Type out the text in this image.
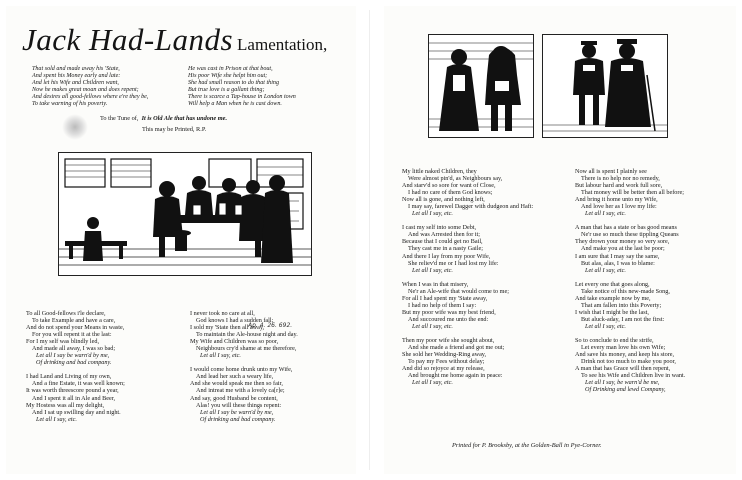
Jack Had-Lands Lamentation,
That sold and made away his 'State,
And spent his Money early and late:
And let his Wife and Children want,
Now he makes great moan and does repent;
And desires all good-fellows where e're they be,
To take warning of his poverty.
He was cast in Prison at that bout,
His poor Wife she helpt him out;
She had small reason to do that thing
But true love is a gallant thing;
There is scarce a Tap-house in London town
Will help a Man when he is cast down.
To the Tune of, It is Old Ale that has undone me.
This may be Printed, R.P.
Ap. 4. 26. 692.
To all Good-fellows i'le declare,
To take Example and have a care,
And do not spend your Means in waste,
For you will repent it at the last:
For I my self was blindly led,
And made all away, I was so bad;
Let all I say be warn'd by me,
Of drinking and bad company.
I had Land and Living of my own,
And a fine Estate, it was well known;
It was worth threescore pound a year,
And I spent it all in Ale and Beer,
My Hostess was all my delight,
And I sat up swilling day and night.
Let all I say, etc.
I never took no care at all,
God knows I had a sudden fall;
I sold my 'State then all away,
To maintain the Ale-house night and day.
My Wife and Children was so poor,
Neighbours cry'd shame at me therefore,
Let all I say, etc.
I would come home drunk unto my Wife,
And lead her such a weary life,
And she would speak me then so fair,
And intreat me with a lovely ca[r]e;
And say, good Husband be content,
Alas! you will these things repent:
Let all I say be warn'd by me,
Of drinking and bad company.
My little naked Children, they
Were almost pin'd, as Neighbours say,
And starv'd so sore for want of Close,
I had no care of them God knows;
Now all is gone, and nothing left,
I may say, farewel Dagger with dudgeon and Haft:
Let all I say, etc.
I cast my self into some Debt,
And was Arrested then for it;
Because that I could get no Bail,
They cast me in a nasty Gaile;
And there I lay from my poor Wife,
She reliev'd me or I had lost my life:
Let all I say, etc.
When I was in that misery,
Ne'r an Ale-wife that would come to me;
For all I had spent my 'State away,
I had no help of them I say:
But my poor wife was my best friend,
And succoured me unto the end:
Let all I say, etc.
Then my poor wife she sought about,
And she made a friend and got me out;
She sold her Wedding-Ring away,
To pay my Fees without delay;
And did so rejoyce at my release,
And brought me home again in peace:
Let all I say, etc.
Now all is spent I plainly see
There is no help nor no remedy,
But labour hard and work full sore,
That money will be better then all before;
And bring it home unto my Wife,
And love her as I love my life:
Let all I say, etc.
A man that has a state or bas good means
Ne'r use so much these tippling Queans
They drown your money so very sore,
And make you at the last be poor;
I am sure that I may say the same,
But alas, alas, I was to blame:
Let all I say, etc.
Let every one that goes along,
Take notice of this new-made Song,
And take example now by me,
That am fallen into this Poverty;
I wish that I might be the last,
But aluck-aday, I am not the first:
Let all I say, etc.
So to conclude to end the strife,
Let every man love his own Wife;
And save his money, and keep his store,
Drink not too much to make you poor,
A man that has Grace will then repent,
To see his Wife and Children live in want.
Let all I say, be warn'd be me,
Of Drinking and lewd Company,
Printed for P. Brooksby, at the Golden-Ball in Pye-Corner.
